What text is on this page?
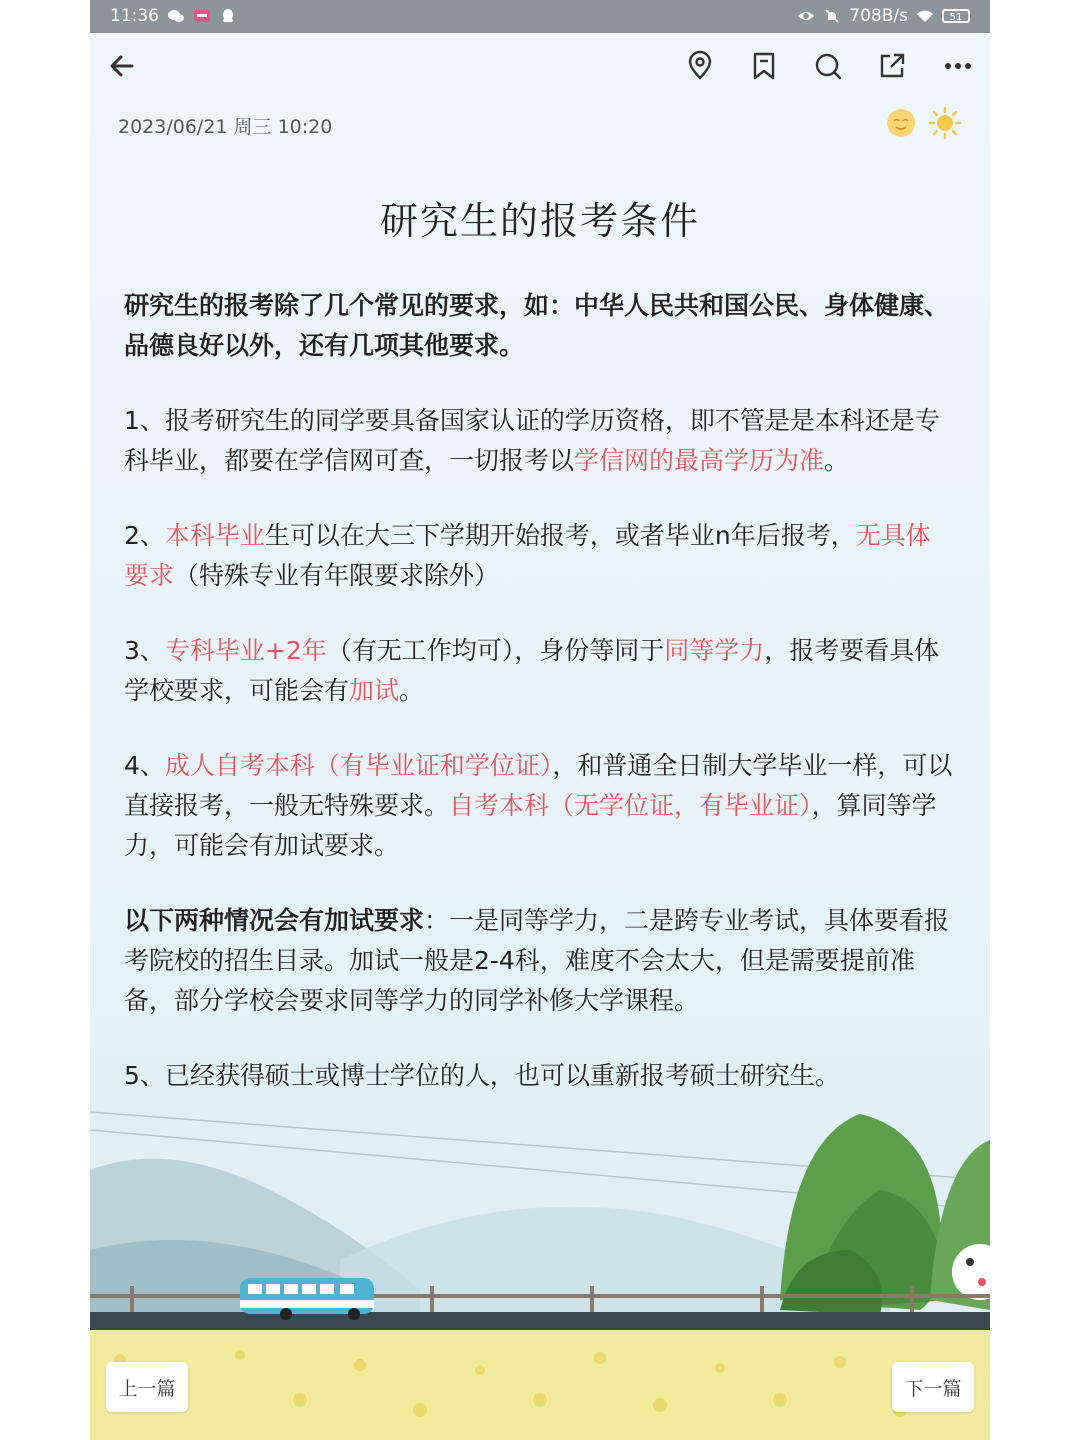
11:36	708B/s	51
2023/06/21 周三 10:20
研究生的报考条件

研究生的报考除了几个常见的要求，如：中华人民共和国公民、身体健康、品德良好以外，还有几项其他要求。

1、报考研究生的同学要具备国家认证的学历资格，即不管是是本科还是专科毕业，都要在学信网可查，一切报考以学信网的最高学历为准。

2、本科毕业生可以在大三下学期开始报考，或者毕业n年后报考，无具体要求（特殊专业有年限要求除外）

3、专科毕业+2年（有无工作均可），身份等同于同等学力，报考要看具体学校要求，可能会有加试。

4、成人自考本科（有毕业证和学位证），和普通全日制大学毕业一样，可以直接报考，一般无特殊要求。自考本科（无学位证，有毕业证），算同等学力，可能会有加试要求。

以下两种情况会有加试要求：一是同等学力，二是跨专业考试，具体要看报考院校的招生目录。加试一般是2-4科，难度不会太大，但是需要提前准备，部分学校会要求同等学力的同学补修大学课程。

5、已经获得硕士或博士学位的人，也可以重新报考硕士研究生。

上一篇	下一篇
